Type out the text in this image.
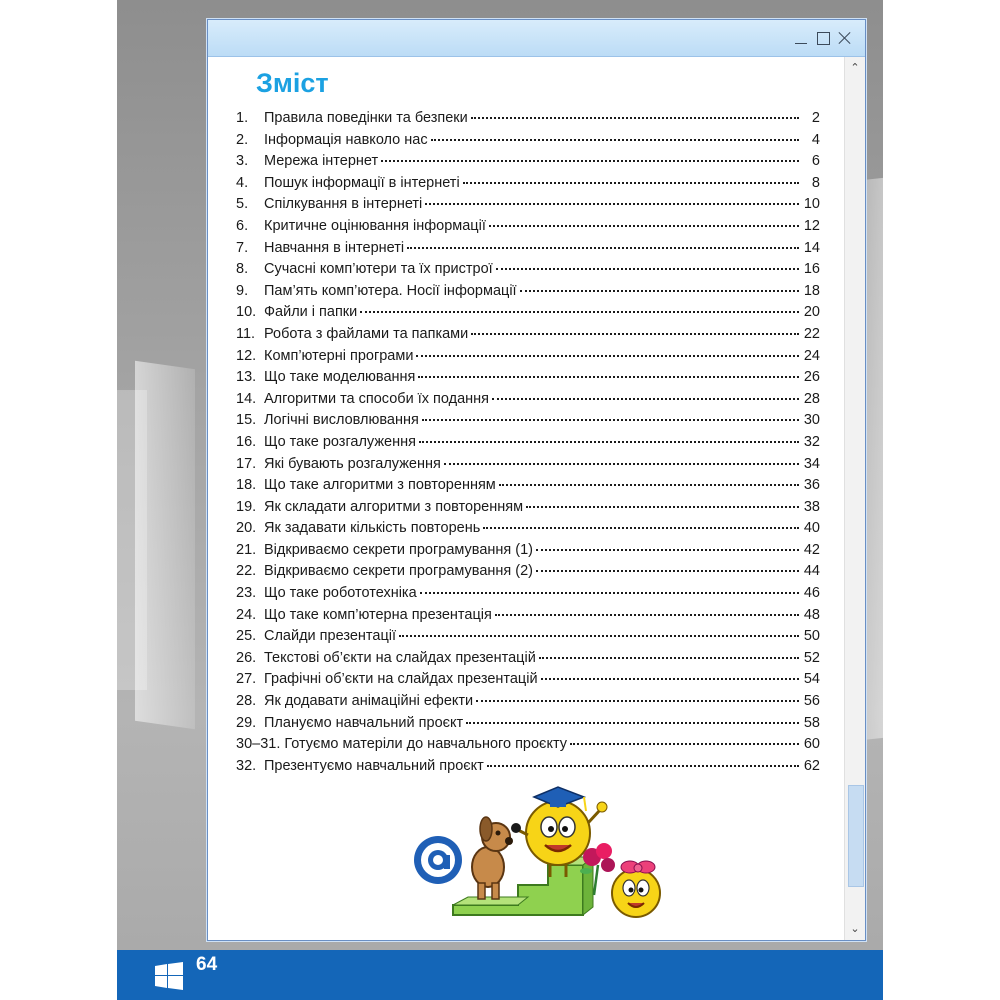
Зміст
1.	Правила поведінки та безпеки	2
2.	Інформація навколо нас	4
3.	Мережа інтернет	6
4.	Пошук інформації в інтернеті	8
5.	Спілкування в інтернеті	10
6.	Критичне оцінювання інформації	12
7.	Навчання в інтернеті	14
8.	Сучасні комп’ютери та їх пристрої	16
9.	Пам’ять комп’ютера. Носії інформації	18
10. Файли і папки	20
11. Робота з файлами та папками	22
12. Комп’ютерні програми	24
13. Що таке моделювання	26
14. Алгоритми та способи їх подання	28
15. Логічні висловлювання	30
16. Що таке розгалуження	32
17. Які бувають розгалуження	34
18. Що таке алгоритми з повторенням	36
19. Як складати алгоритми з повторенням	38
20. Як задавати кількість повторень	40
21. Відкриваємо секрети програмування (1)	42
22. Відкриваємо секрети програмування (2)	44
23. Що таке робототехніка	46
24. Що таке комп’ютерна презентація	48
25. Слайди презентації	50
26. Текстові об’єкти на слайдах презентацій	52
27. Графічні об’єкти на слайдах презентацій	54
28. Як додавати анімаційні ефекти	56
29. Плануємо навчальний проєкт	58
30–31. Готуємо матеріли до навчального проєкту	60
32. Презентуємо навчальний проєкт	62
⌃
⌄
64
